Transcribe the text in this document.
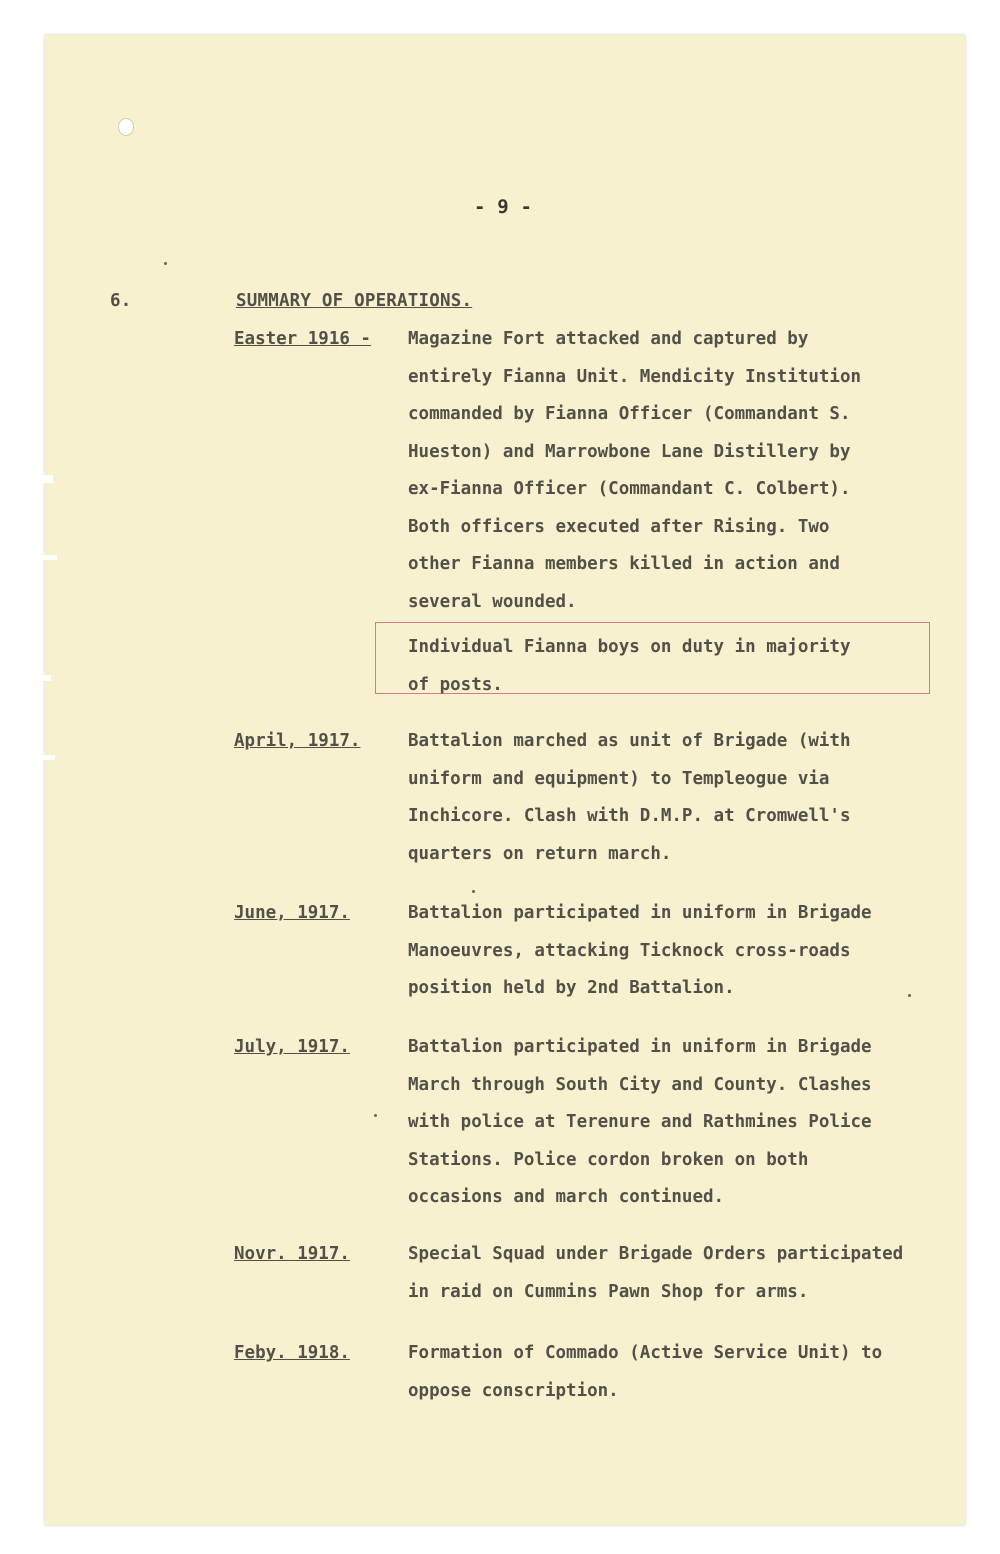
- 9 -
6.	SUMMARY OF OPERATIONS.
Easter 1916 - Magazine Fort attacked and captured by
entirely Fianna Unit. Mendicity Institution
commanded by Fianna Officer (Commandant S.
Hueston) and Marrowbone Lane Distillery by
ex-Fianna Officer (Commandant C. Colbert).
Both officers executed after Rising. Two
other Fianna members killed in action and
several wounded.
Individual Fianna boys on duty in majority
of posts.
April, 1917.	Battalion marched as unit of Brigade (with
uniform and equipment) to Templeogue via
Inchicore. Clash with D.M.P. at Cromwell's
quarters on return march.
June, 1917.	Battalion participated in uniform in Brigade
Manoeuvres, attacking Ticknock cross-roads
position held by 2nd Battalion.
July, 1917.	Battalion participated in uniform in Brigade
March through South City and County. Clashes
with police at Terenure and Rathmines Police
Stations. Police cordon broken on both
occasions and march continued.
Novr. 1917.	Special Squad under Brigade Orders participated
in raid on Cummins Pawn Shop for arms.
Feby. 1918.	Formation of Commado (Active Service Unit) to
oppose conscription.
